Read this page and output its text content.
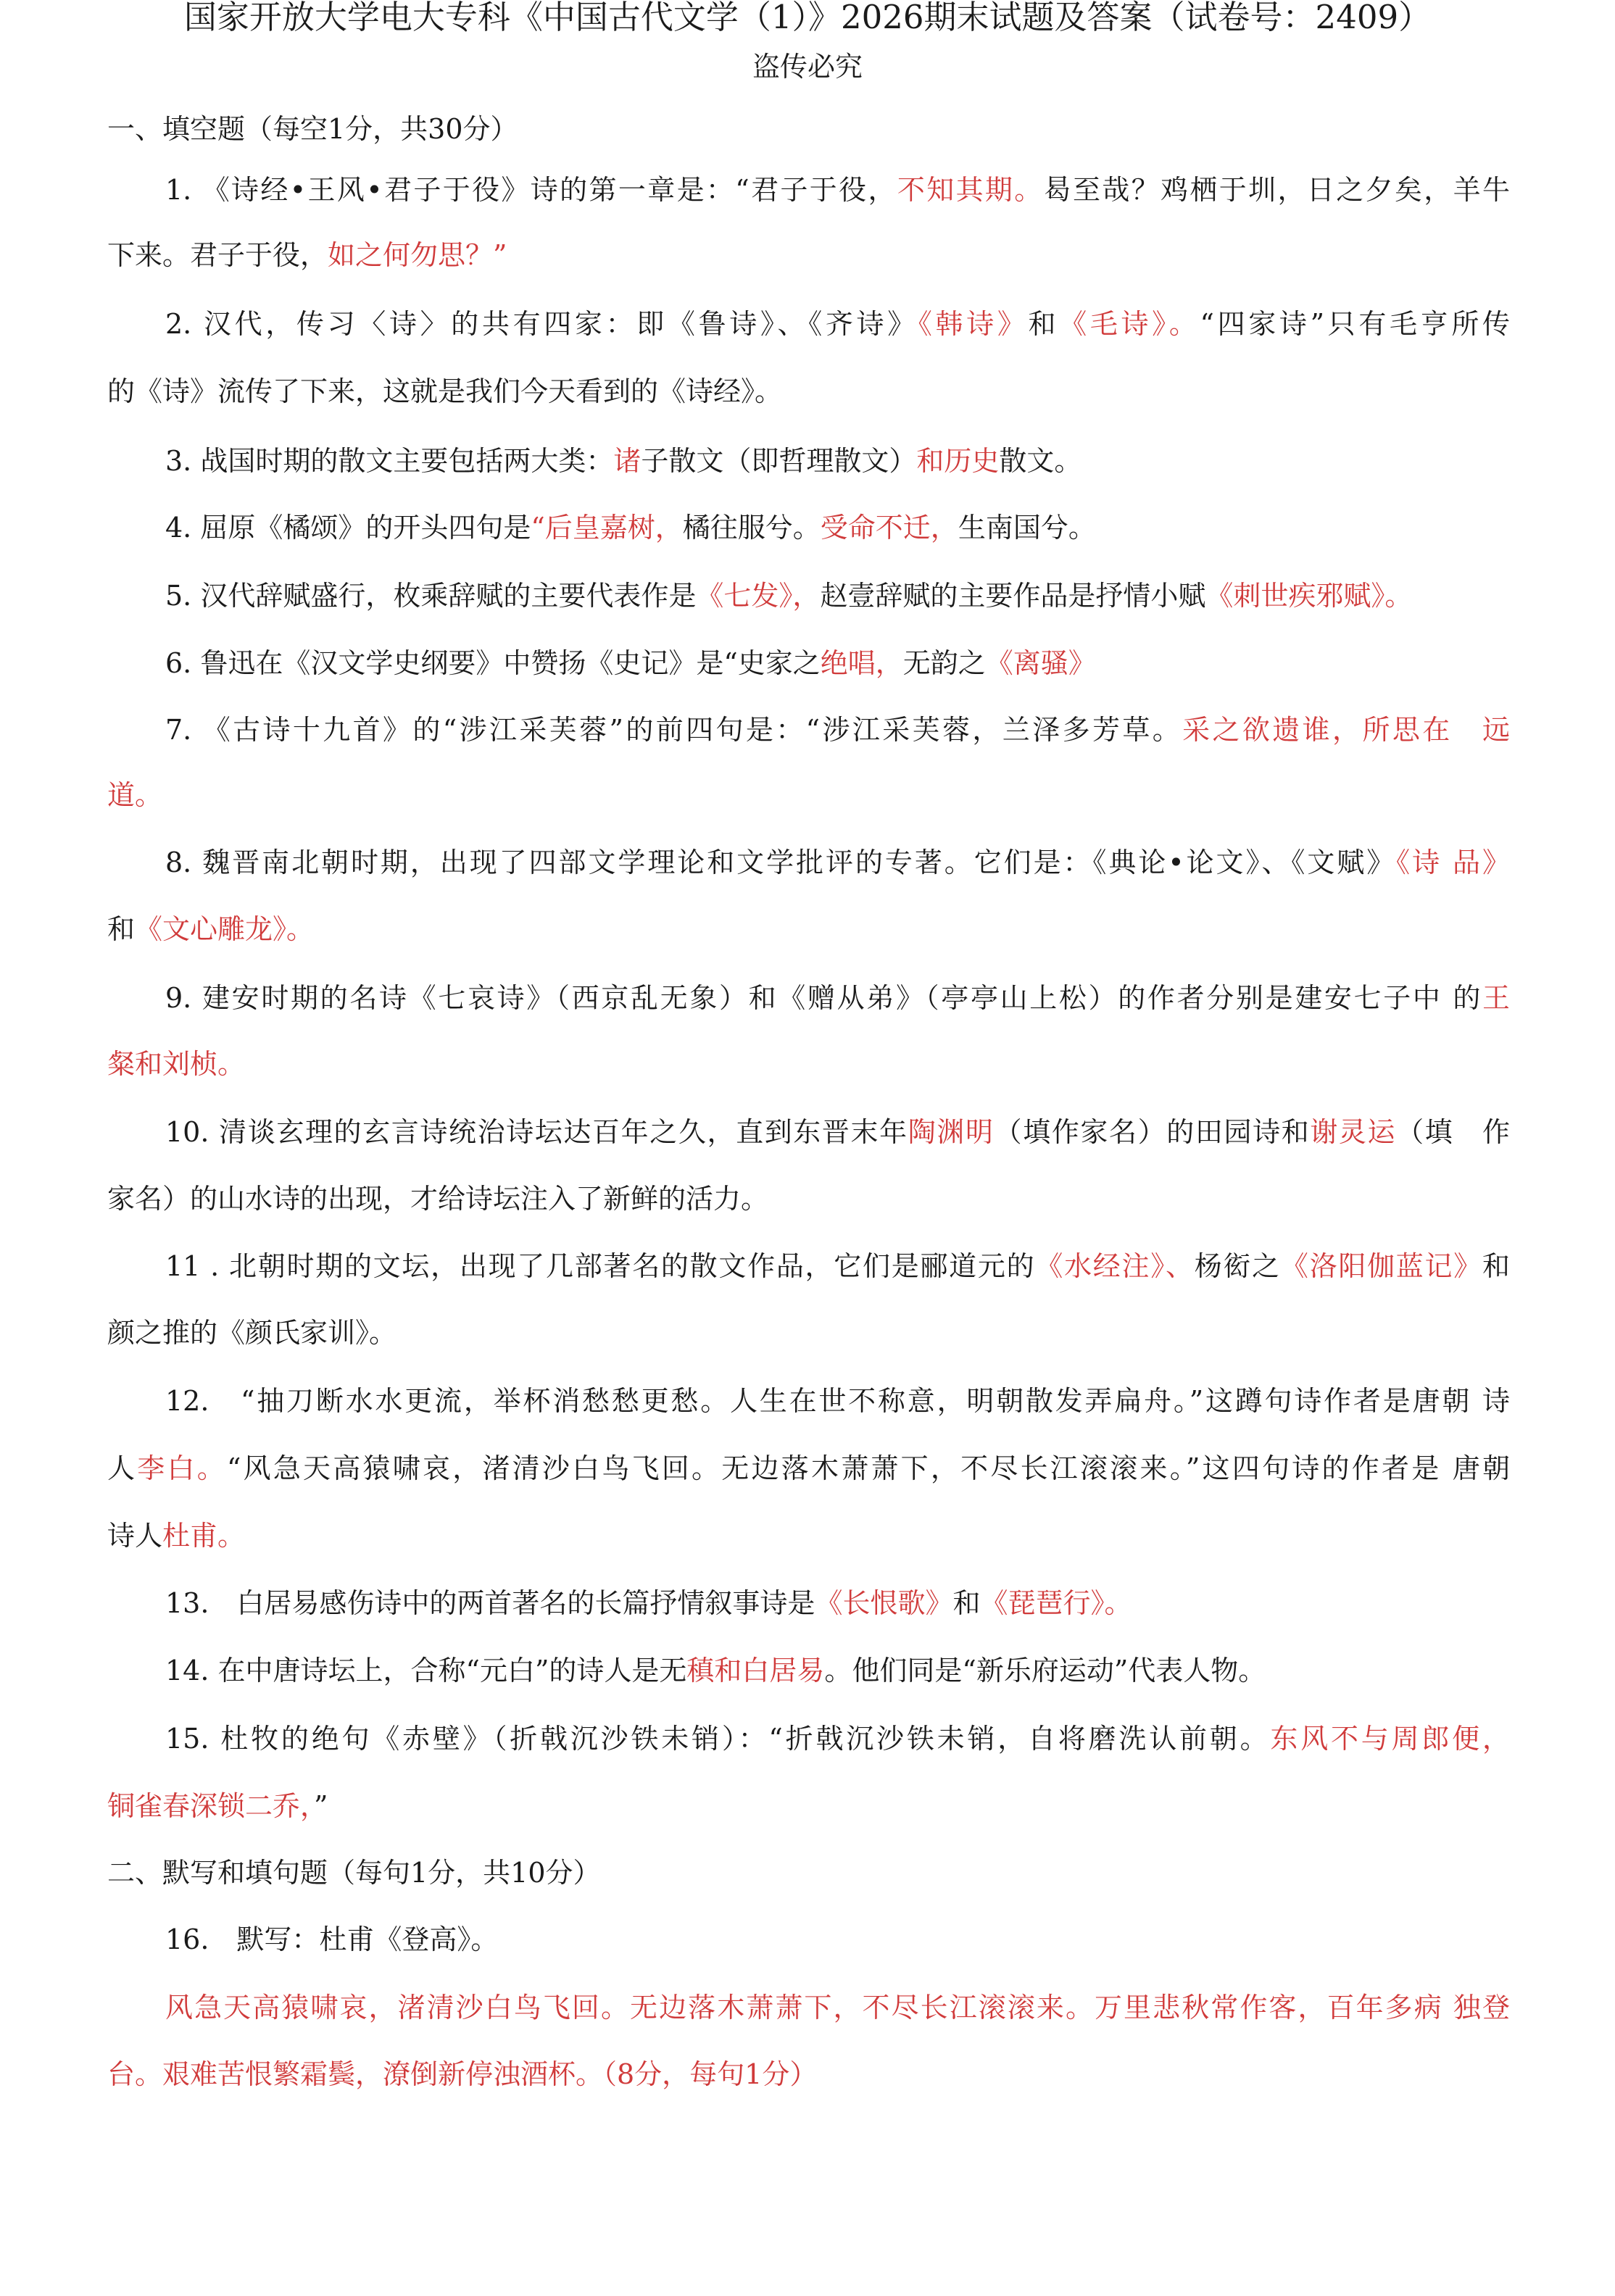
国家开放大学电大专科《中国古代文学（1）》2026期末试题及答案（试卷号：2409）
盗传必究
一、填空题（每空1分，共30分）
1. 《诗经•王风•君子于役》诗的第一章是：“君子于役，不知其期。曷至哉？鸡栖于圳，日之夕矣，羊牛
下来。君子于役，如之何勿思？”
2. 汉代，传习〈诗〉的共有四家：即《鲁诗》、《齐诗》《韩诗》和《毛诗》。“四家诗”只有毛亨所传
的《诗》流传了下来，这就是我们今天看到的《诗经》。
3. 战国时期的散文主要包括两大类：诸子散文（即哲理散文）和历史散文。
4. 屈原《橘颂》的开头四句是“后皇嘉树，橘往服兮。受命不迁，生南国兮。
5. 汉代辞赋盛行，枚乘辞赋的主要代表作是《七发》，赵壹辞赋的主要作品是抒情小赋《刺世疾邪赋》。
6. 鲁迅在《汉文学史纲要》中赞扬《史记》是“史家之绝唱，无韵之《离骚》
7. 《古诗十九首》的“涉江采芙蓉”的前四句是：“涉江采芙蓉，兰泽多芳草。采之欲遗谁，所思在　远
道。
8. 魏晋南北朝时期，出现了四部文学理论和文学批评的专著。它们是：《典论•论文》、《文赋》《诗 品》
和《文心雕龙》。
9. 建安时期的名诗《七哀诗》（西京乱无象）和《赠从弟》（亭亭山上松）的作者分别是建安七子中 的王
粲和刘桢。
10. 清谈玄理的玄言诗统治诗坛达百年之久，直到东晋末年陶渊明（填作家名）的田园诗和谢灵运（填　作
家名）的山水诗的出现，才给诗坛注入了新鲜的活力。
11 . 北朝时期的文坛，出现了几部著名的散文作品，它们是郦道元的《水经注》、杨衒之《洛阳伽蓝记》和
颜之推的《颜氏家训》。
12.　“抽刀断水水更流，举杯消愁愁更愁。人生在世不称意，明朝散发弄扁舟。”这蹲句诗作者是唐朝 诗
人李白。“风急天高猿啸哀，渚清沙白鸟飞回。无边落木萧萧下，不尽长江滚滚来。”这四句诗的作者是 唐朝
诗人杜甫。
13.　白居易感伤诗中的两首著名的长篇抒情叙事诗是《长恨歌》和《琵琶行》。
14. 在中唐诗坛上，合称“元白”的诗人是无稹和白居易。他们同是“新乐府运动”代表人物。
15. 杜牧的绝句《赤壁》（折戟沉沙铁未销）：“折戟沉沙铁未销，自将磨洗认前朝。东风不与周郎便，
铜雀春深锁二乔，”
二、默写和填句题（每句1分，共10分）
16.　默写：杜甫《登高》。
风急天高猿啸哀，渚清沙白鸟飞回。无边落木萧萧下，不尽长江滚滚来。万里悲秋常作客，百年多病 独登
台。艰难苦恨繁霜鬓，潦倒新停浊酒杯。（8分，每句1分）
